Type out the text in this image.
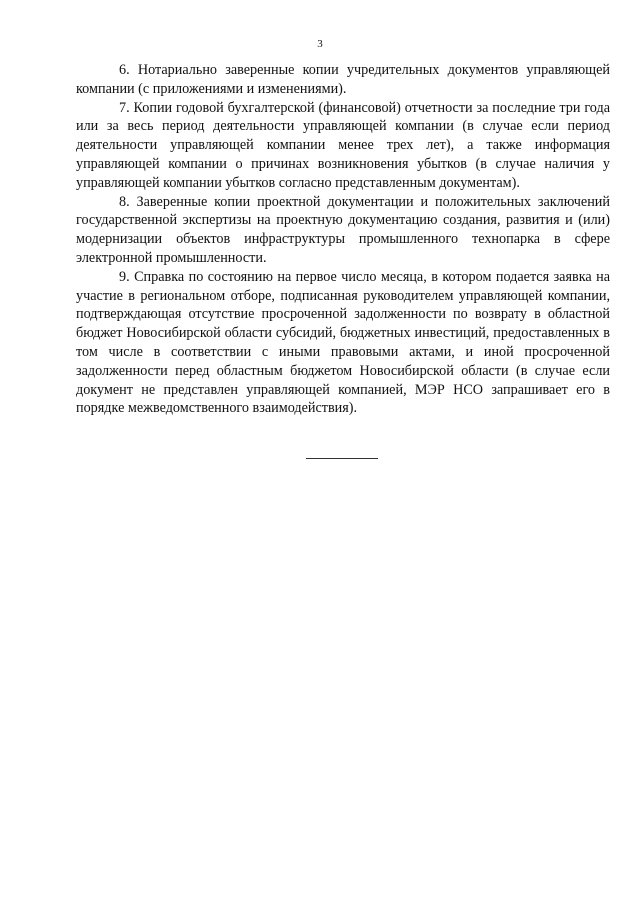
3

6. Нотариально заверенные копии учредительных документов управляющей компании (с приложениями и изменениями).

7. Копии годовой бухгалтерской (финансовой) отчетности за последние три года или за весь период деятельности управляющей компании (в случае если период деятельности управляющей компании менее трех лет), а также информация управляющей компании о причинах возникновения убытков (в случае наличия у управляющей компании убытков согласно представленным документам).

8. Заверенные копии проектной документации и положительных заключений государственной экспертизы на проектную документацию создания, развития и (или) модернизации объектов инфраструктуры промышленного технопарка в сфере электронной промышленности.

9. Справка по состоянию на первое число месяца, в котором подается заявка на участие в региональном отборе, подписанная руководителем управляющей компании, подтверждающая отсутствие просроченной задолженности по возврату в областной бюджет Новосибирской области субсидий, бюджетных инвестиций, предоставленных в том числе в соответствии с иными правовыми актами, и иной просроченной задолженности перед областным бюджетом Новосибирской области (в случае если документ не представлен управляющей компанией, МЭР НСО запрашивает его в порядке межведомственного взаимодействия).
